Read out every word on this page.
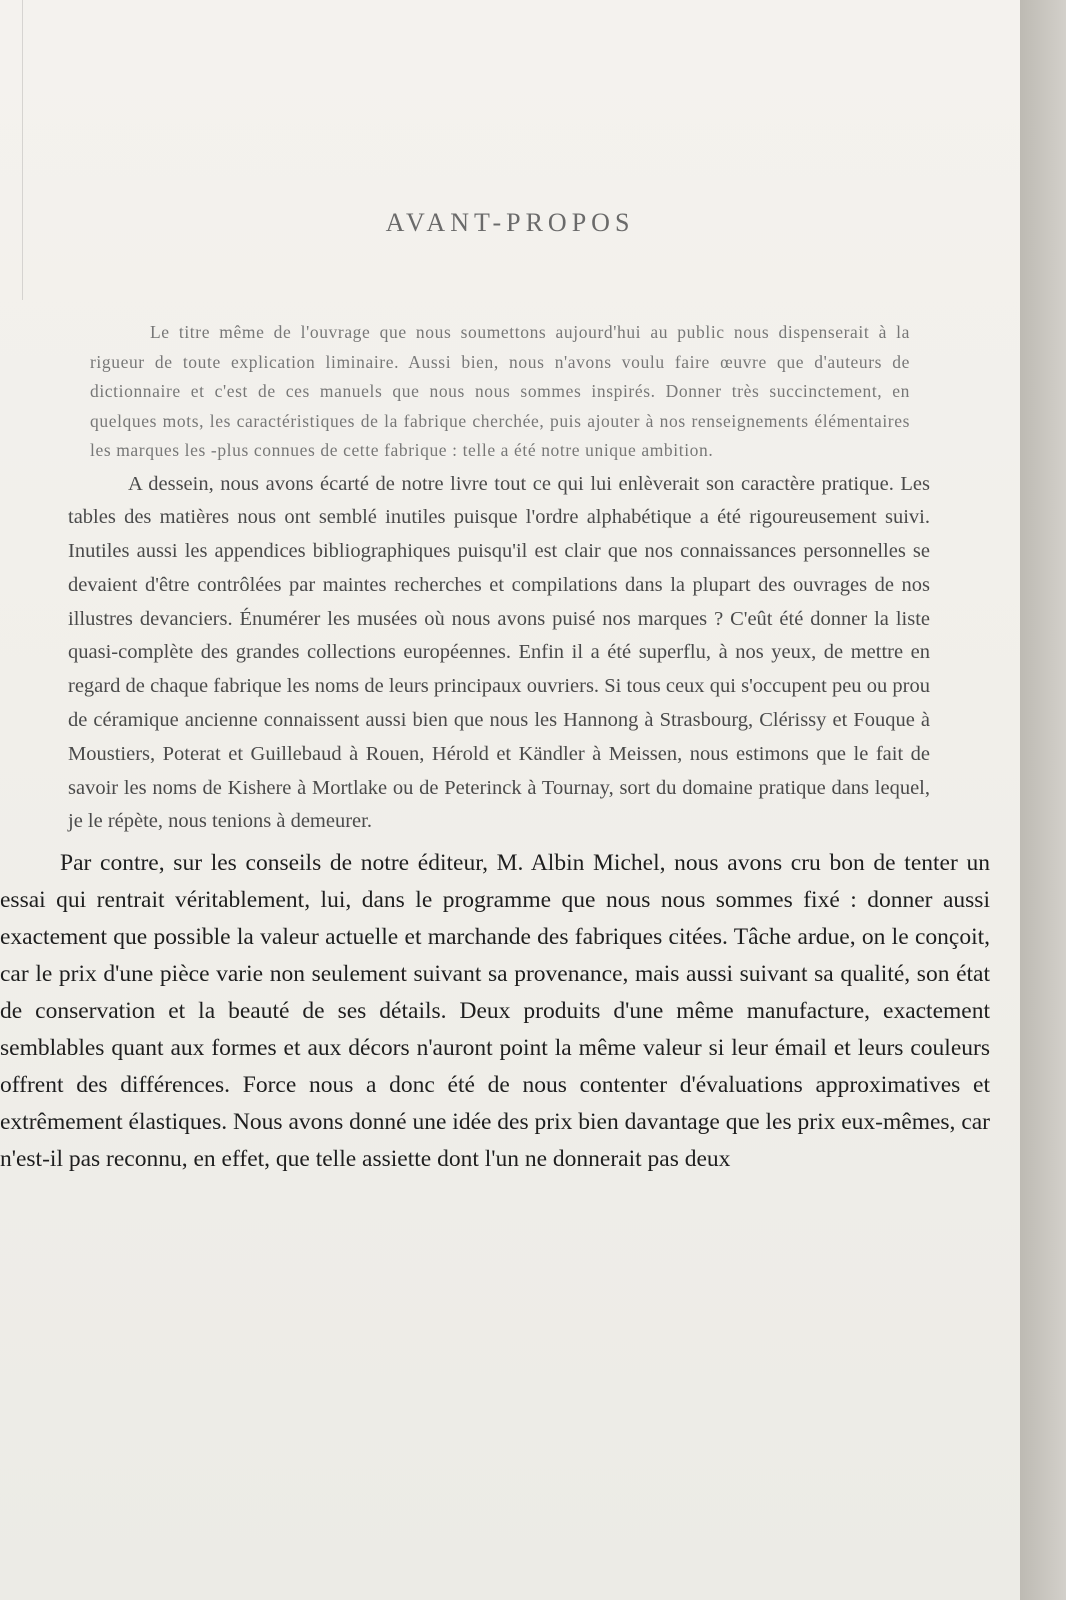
AVANT-PROPOS

Le titre même de l'ouvrage que nous soumettons aujourd'hui au public nous dispenserait à la rigueur de toute explication liminaire. Aussi bien, nous n'avons voulu faire œuvre que d'auteurs de dictionnaire et c'est de ces manuels que nous nous sommes inspirés. Donner très succinctement, en quelques mots, les caractéristiques de la fabrique cherchée, puis ajouter à nos renseignements élémentaires les marques les -plus connues de cette fabrique : telle a été notre unique ambition.

A dessein, nous avons écarté de notre livre tout ce qui lui enlèverait son caractère pratique. Les tables des matières nous ont semblé inutiles puisque l'ordre alphabétique a été rigoureusement suivi. Inutiles aussi les appendices bibliographiques puisqu'il est clair que nos connaissances personnelles se devaient d'être contrôlées par maintes recherches et compilations dans la plupart des ouvrages de nos illustres devanciers. Énumérer les musées où nous avons puisé nos marques ? C'eût été donner la liste quasi-complète des grandes collections européennes. Enfin il a été superflu, à nos yeux, de mettre en regard de chaque fabrique les noms de leurs principaux ouvriers. Si tous ceux qui s'occupent peu ou prou de céramique ancienne connaissent aussi bien que nous les Hannong à Strasbourg, Clérissy et Fouque à Moustiers, Poterat et Guillebaud à Rouen, Hérold et Kändler à Meissen, nous estimons que le fait de savoir les noms de Kishere à Mortlake ou de Peterinck à Tournay, sort du domaine pratique dans lequel, je le répète, nous tenions à demeurer.

Par contre, sur les conseils de notre éditeur, M. Albin Michel, nous avons cru bon de tenter un essai qui rentrait véritablement, lui, dans le programme que nous nous sommes fixé : donner aussi exactement que possible la valeur actuelle et marchande des fabriques citées. Tâche ardue, on le conçoit, car le prix d'une pièce varie non seulement suivant sa provenance, mais aussi suivant sa qualité, son état de conservation et la beauté de ses détails. Deux produits d'une même manufacture, exactement semblables quant aux formes et aux décors n'auront point la même valeur si leur émail et leurs couleurs offrent des différences. Force nous a donc été de nous contenter d'évaluations approximatives et extrêmement élastiques. Nous avons donné une idée des prix bien davantage que les prix eux-mêmes, car n'est-il pas reconnu, en effet, que telle assiette dont l'un ne donnerait pas deux
